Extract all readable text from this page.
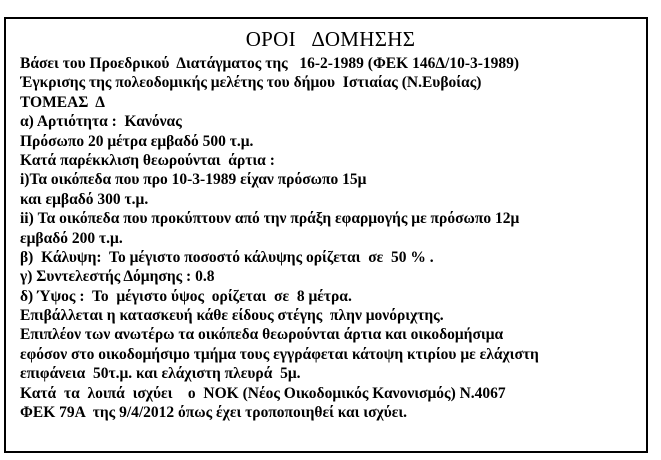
ΟΡΟΙ   ΔΟΜΗΣΗΣ
Βάσει του Προεδρικού  Διατάγματος της   16-2-1989 (ΦΕΚ 146Δ/10-3-1989)
Έγκρισης της πολεοδομικής μελέτης του δήμου  Ιστιαίας (Ν.Ευβοίας)
ΤΟΜΕΑΣ  Δ
α) Αρτιότητα :  Κανόνας
Πρόσωπο 20 μέτρα εμβαδό 500 τ.μ.
Κατά παρέκκλιση θεωρούνται  άρτια :
i)Τα οικόπεδα που προ 10-3-1989 είχαν πρόσωπο 15μ
και εμβαδό 300 τ.μ.
ii) Τα οικόπεδα που προκύπτουν από την πράξη εφαρμογής με πρόσωπο 12μ
εμβαδό 200 τ.μ.
β)  Κάλυψη:  Το μέγιστο ποσοστό κάλυψης ορίζεται  σε  50 % .
γ) Συντελεστής Δόμησης : 0.8
δ) Ύψος :  Το  μέγιστο ύψος  ορίζεται  σε  8 μέτρα.
Επιβάλλεται η κατασκευή κάθε είδους στέγης  πλην μονόριχτης.
Επιπλέον των ανωτέρω τα οικόπεδα θεωρούνται άρτια και οικοδομήσιμα
εφόσον στο οικοδομήσιμο τμήμα τους εγγράφεται κάτοψη κτιρίου με ελάχιστη
επιφάνεια  50τ.μ. και ελάχιστη πλευρά  5μ.
Κατά  τα  λοιπά  ισχύει    ο  ΝΟΚ (Νέος Οικοδομικός Κανονισμός) Ν.4067
ΦΕΚ 79Α  της 9/4/2012 όπως έχει τροποποιηθεί και ισχύει.
